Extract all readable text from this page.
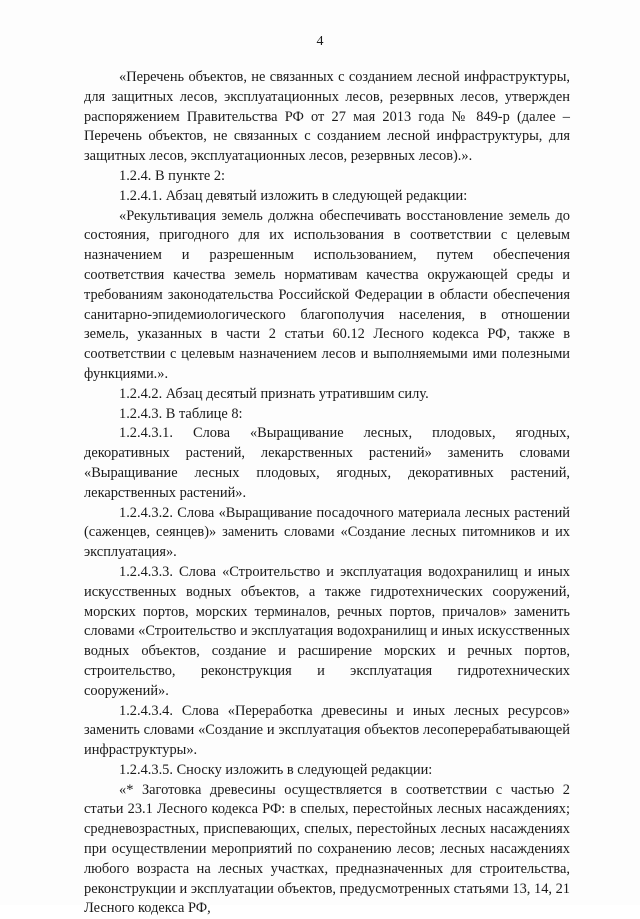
4

«Перечень объектов, не связанных с созданием лесной инфраструктуры, для защитных лесов, эксплуатационных лесов, резервных лесов, утвержден распоряжением Правительства РФ от 27 мая 2013 года № 849-р (далее – Перечень объектов, не связанных с созданием лесной инфраструктуры, для защитных лесов, эксплуатационных лесов, резервных лесов).».

1.2.4. В пункте 2:

1.2.4.1. Абзац девятый изложить в следующей редакции:

«Рекультивация земель должна обеспечивать восстановление земель до состояния, пригодного для их использования в соответствии с целевым назначением и разрешенным использованием, путем обеспечения соответствия качества земель нормативам качества окружающей среды и требованиям законодательства Российской Федерации в области обеспечения санитарно-эпидемиологического благополучия населения, в отношении земель, указанных в части 2 статьи 60.12 Лесного кодекса РФ, также в соответствии с целевым назначением лесов и выполняемыми ими полезными функциями.».

1.2.4.2. Абзац десятый признать утратившим силу.

1.2.4.3. В таблице 8:

1.2.4.3.1. Слова «Выращивание лесных, плодовых, ягодных, декоративных растений, лекарственных растений» заменить словами «Выращивание лесных плодовых, ягодных, декоративных растений, лекарственных растений».

1.2.4.3.2. Слова «Выращивание посадочного материала лесных растений (саженцев, сеянцев)» заменить словами «Создание лесных питомников и их эксплуатация».

1.2.4.3.3. Слова «Строительство и эксплуатация водохранилищ и иных искусственных водных объектов, а также гидротехнических сооружений, морских портов, морских терминалов, речных портов, причалов» заменить словами «Строительство и эксплуатация водохранилищ и иных искусственных водных объектов, создание и расширение морских и речных портов, строительство, реконструкция и эксплуатация гидротехнических сооружений».

1.2.4.3.4. Слова «Переработка древесины и иных лесных ресурсов» заменить словами «Создание и эксплуатация объектов лесоперерабатывающей инфраструктуры».

1.2.4.3.5. Сноску изложить в следующей редакции:

«* Заготовка древесины осуществляется в соответствии с частью 2 статьи 23.1 Лесного кодекса РФ: в спелых, перестойных лесных насаждениях; средневозрастных, приспевающих, спелых, перестойных лесных насаждениях при осуществлении мероприятий по сохранению лесов; лесных насаждениях любого возраста на лесных участках, предназначенных для строительства, реконструкции и эксплуатации объектов, предусмотренных статьями 13, 14, 21 Лесного кодекса РФ,
